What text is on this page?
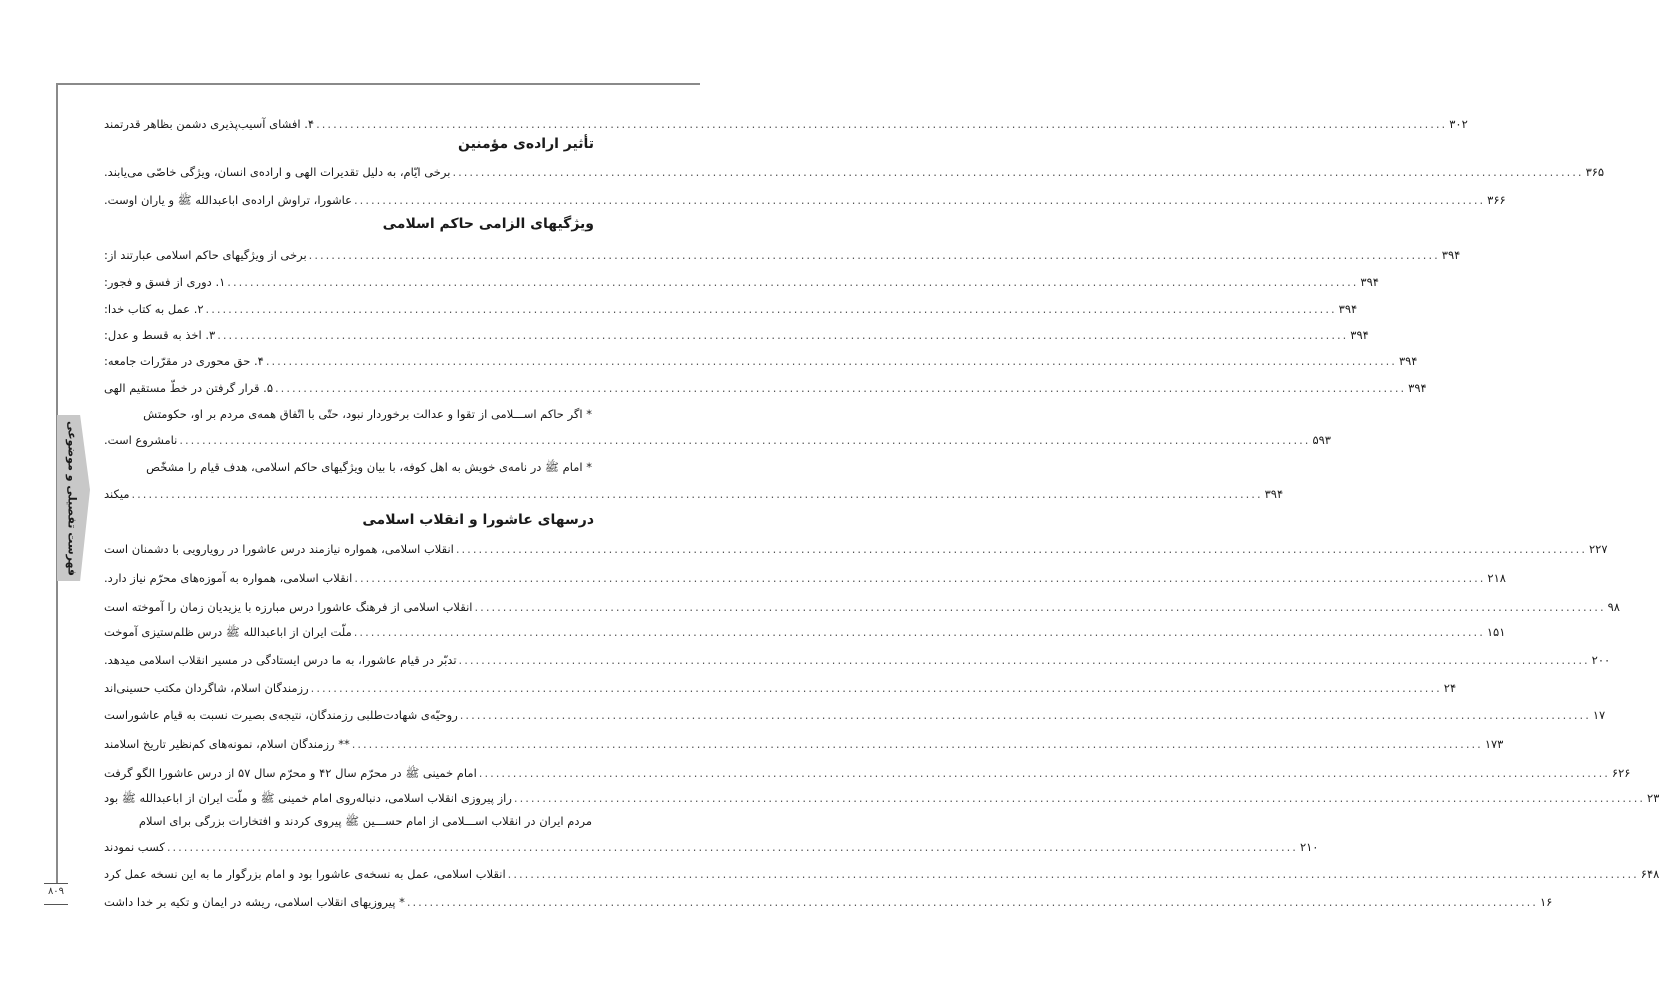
فهرست تفصیلی و موضوعی
۸۰۹
۴. افشای آسیب‌پذیری دشمن بظاهر قدرتمند ........................................................................................................................................................................................................ ۳۰۲
تأثیر اراده‌ی مؤمنین
برخی ایّام، به دلیل تقدیرات الهی و اراده‌ی انسان، ویژگی خاصّی می‌یابند. ........................................................................................................................................................................................................ ۳۶۵
عاشورا، تراوش اراده‌ی اباعبدالله ﷺ و یاران اوست. ........................................................................................................................................................................................................ ۳۶۶
ویژگیهای الزامی حاکم اسلامی
برخی از ویژگیهای حاکم اسلامی عبارتند از: ........................................................................................................................................................................................................ ۳۹۴
۱. دوری از فسق و فجور: ........................................................................................................................................................................................................ ۳۹۴
۲. عمل به کتاب خدا: ........................................................................................................................................................................................................ ۳۹۴
۳. اخذ به قسط و عدل: ........................................................................................................................................................................................................ ۳۹۴
۴. حق محوری در مقرّرات جامعه: ........................................................................................................................................................................................................ ۳۹۴
۵. قرار گرفتن در خطّ مستقیم الهی ........................................................................................................................................................................................................ ۳۹۴
* اگر حاکم اســـلامی از تقوا و عدالت برخوردار نبود، حتّی با اتّفاق همه‌ی مردم بر او، حکومتش
نامشروع است. ........................................................................................................................................................................................................ ۵۹۳
* امام ﷺ در نامه‌ی خویش به اهل کوفه، با بیان ویژگیهای حاکم اسلامی، هدف قیام را مشخّص
میکند ........................................................................................................................................................................................................ ۳۹۴
درسهای عاشورا و انقلاب اسلامی
انقلاب اسلامی، همواره نیازمند درس عاشورا در رویارویی با دشمنان است ........................................................................................................................................................................................................ ۲۲۷
انقلاب اسلامی، همواره به آموزه‌های محرّم نیاز دارد. ........................................................................................................................................................................................................ ۲۱۸
انقلاب اسلامی از فرهنگ عاشورا درس مبارزه با یزیدیان زمان را آموخته است ........................................................................................................................................................................................................ ۹۸
ملّت ایران از اباعبدالله ﷺ درس ظلم‌ستیزی آموخت ........................................................................................................................................................................................................ ۱۵۱
تدبّر در قیام عاشورا، به ما درس ایستادگی در مسیر انقلاب اسلامی میدهد. ........................................................................................................................................................................................................ ۲۰۰
رزمندگان اسلام، شاگردان مکتب حسینی‌اند ........................................................................................................................................................................................................ ۲۴
روحیّه‌ی شهادت‌طلبی رزمندگان، نتیجه‌ی بصیرت نسبت به قیام عاشوراست ........................................................................................................................................................................................................ ۱۷
** رزمندگان اسلام، نمونه‌های کم‌نظیر تاریخ اسلامند ........................................................................................................................................................................................................ ۱۷۳
امام خمینی ﷺ در محرّم سال ۴۲ و محرّم سال ۵۷ از درس عاشورا الگو گرفت ........................................................................................................................................................................................................ ۶۲۶
راز پیروزی انقلاب اسلامی، دنباله‌روی امام خمینی ﷺ و ملّت ایران از اباعبدالله ﷺ بود ........................................................................................................................................................................................................ ۲۳
مردم ایران در انقلاب اســـلامی از امام حســـین ﷺ پیروی کردند و افتخارات بزرگی برای اسلام
کسب نمودند ........................................................................................................................................................................................................ ۲۱۰
انقلاب اسلامی، عمل به نسخه‌ی عاشورا بود و امام بزرگوار ما به این نسخه عمل کرد ........................................................................................................................................................................................................ ۶۴۸
* پیروزیهای انقلاب اسلامی، ریشه در ایمان و تکیه بر خدا داشت ........................................................................................................................................................................................................ ۱۶
